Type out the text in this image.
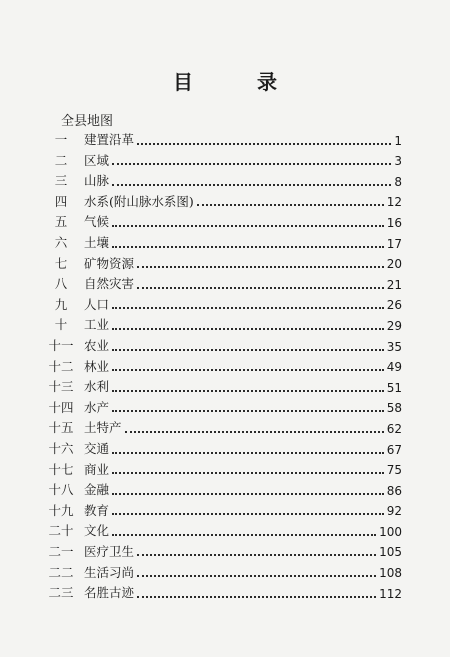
目　录
全县地图
一	建置沿革	1
二	区域	3
三	山脉	8
四	水系(附山脉水系图)	12
五	气候	16
六	土壤	17
七	矿物资源	20
八	自然灾害	21
九	人口	26
十	工业	29
十一 农业	35
十二 林业	49
十三 水利	51
十四 水产	58
十五 土特产	62
十六 交通	67
十七 商业	75
十八 金融	86
十九 教育	92
二十 文化	100
二一 医疗卫生	105
二二 生活习尚	108
二三 名胜古迹	112
